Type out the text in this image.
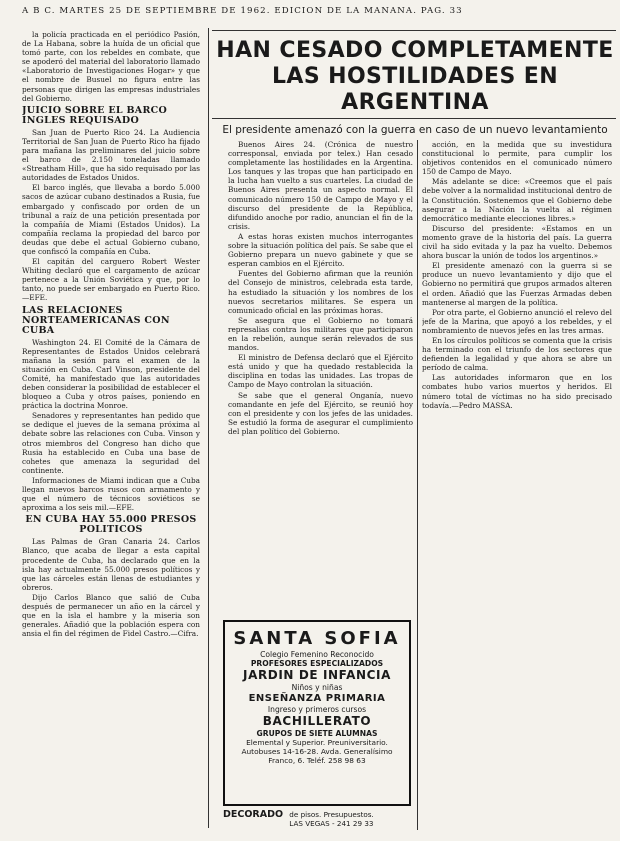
A B C. MARTES 25 DE SEPTIEMBRE DE 1962. EDICION DE LA MAÑANA. PAG. 33

la policía practicada en el periódico Pasión, de La Habana, sobre la huída de un oficial que tomó parte, con los rebeldes en combate, que se apoderó del material del laboratorio llamado «Laboratorio de Investigaciones Hogar» y que el nombre de Busuel no figura entre las personas que dirigen las empresas industriales del Gobierno.

JUICIO SOBRE EL BARCO INGLES REQUISADO

San Juan de Puerto Rico 24. La Audiencia Territorial de San Juan de Puerto Rico ha fijado para mañana las preliminares del juicio sobre el barco de 2.150 toneladas llamado «Streatham Hill», que ha sido requisado por las autoridades de Estados Unidos.

El barco inglés, que llevaba a bordo 5.000 sacos de azúcar cubano destinados a Rusia, fue embargado y confiscado por orden de un tribunal a raíz de una petición presentada por la compañía de Miami (Estados Unidos). La compañía reclama la propiedad del barco por deudas que debe el actual Gobierno cubano, que confiscó la compañía en Cuba.

El capitán del carguero Robert Wester Whiting declaró que el cargamento de azúcar pertenece a la Unión Soviética y que, por lo tanto, no puede ser embargado en Puerto Rico.—EFE.

LAS RELACIONES NORTEAMERICANAS CON CUBA

Washington 24. El Comité de la Cámara de Representantes de Estados Unidos celebrará mañana la sesión para el examen de la situación en Cuba. Carl Vinson, presidente del Comité, ha manifestado que las autoridades deben considerar la posibilidad de establecer el bloqueo a Cuba y otros países, poniendo en práctica la doctrina Monroe.

Senadores y representantes han pedido que se dedique el jueves de la semana próxima al debate sobre las relaciones con Cuba. Vinson y otros miembros del Congreso han dicho que Rusia ha establecido en Cuba una base de cohetes que amenaza la seguridad del continente.

Informaciones de Miami indican que a Cuba llegan nuevos barcos rusos con armamento y que el número de técnicos soviéticos se aproxima a los seis mil.—EFE.

EN CUBA HAY 55.000 PRESOS POLITICOS

Las Palmas de Gran Canaria 24. Carlos Blanco, que acaba de llegar a esta capital procedente de Cuba, ha declarado que en la isla hay actualmente 55.000 presos políticos y que las cárceles están llenas de estudiantes y obreros.

Dijo Carlos Blanco que salió de Cuba después de permanecer un año en la cárcel y que en la isla el hambre y la miseria son generales. Añadió que la población espera con ansia el fin del régimen de Fidel Castro.—Cifra.

HAN CESADO COMPLETAMENTE LAS HOSTILIDADES EN ARGENTINA
El presidente amenazó con la guerra en caso de un nuevo levantamiento

Buenos Aires 24. (Crónica de nuestro corresponsal, enviada por telex.) Han cesado completamente las hostilidades en la Argentina. Los tanques y las tropas que han participado en la lucha han vuelto a sus cuarteles. La ciudad de Buenos Aires presenta un aspecto normal. El comunicado número 150 de Campo de Mayo y el discurso del presidente de la República, difundido anoche por radio, anuncian el fin de la crisis.

A estas horas existen muchos interrogantes sobre la situación política del país. Se sabe que el Gobierno prepara un nuevo gabinete y que se esperan cambios en el Ejército.

Fuentes del Gobierno afirman que la reunión del Consejo de ministros, celebrada esta tarde, ha estudiado la situación y los nombres de los nuevos secretarios militares. Se espera un comunicado oficial en las próximas horas.

Se asegura que el Gobierno no tomará represalias contra los militares que participaron en la rebelión, aunque serán relevados de sus mandos.

El ministro de Defensa declaró que el Ejército está unido y que ha quedado restablecida la disciplina en todas las unidades. Las tropas de Campo de Mayo controlan la situación.

Se sabe que el general Onganía, nuevo comandante en jefe del Ejército, se reunió hoy con el presidente y con los jefes de las unidades. Se estudió la forma de asegurar el cumplimiento del plan político del Gobierno.

acción, en la medida que su investidura constitucional lo permite, para cumplir los objetivos contenidos en el comunicado número 150 de Campo de Mayo.

Más adelante se dice: «Creemos que el país debe volver a la normalidad institucional dentro de la Constitución. Sostenemos que el Gobierno debe asegurar a la Nación la vuelta al régimen democrático mediante elecciones libres.»

Discurso del presidente: «Estamos en un momento grave de la historia del país. La guerra civil ha sido evitada y la paz ha vuelto. Debemos ahora buscar la unión de todos los argentinos.»

El presidente amenazó con la guerra si se produce un nuevo levantamiento y dijo que el Gobierno no permitirá que grupos armados alteren el orden. Añadió que las Fuerzas Armadas deben mantenerse al margen de la política.

Por otra parte, el Gobierno anunció el relevo del jefe de la Marina, que apoyó a los rebeldes, y el nombramiento de nuevos jefes en las tres armas.

En los círculos políticos se comenta que la crisis ha terminado con el triunfo de los sectores que defienden la legalidad y que ahora se abre un período de calma.

Las autoridades informaron que en los combates hubo varios muertos y heridos. El número total de víctimas no ha sido precisado todavía.—Pedro MASSA.

SANTA SOFIA
Colegio Femenino Reconocido
PROFESORES ESPECIALIZADOS
JARDIN DE INFANCIA
Niños y niñas
ENSEÑANZA PRIMARIA
Ingreso y primeros cursos
BACHILLERATO
GRUPOS DE SIETE ALUMNAS
Elemental y Superior. Preuniversitario. Autobuses 14-16-28. Avda. Generalísimo Franco, 6. Teléf. 258 98 63
DECORADO de pisos. Presupuestos.
LAS VEGAS - 241 29 33
